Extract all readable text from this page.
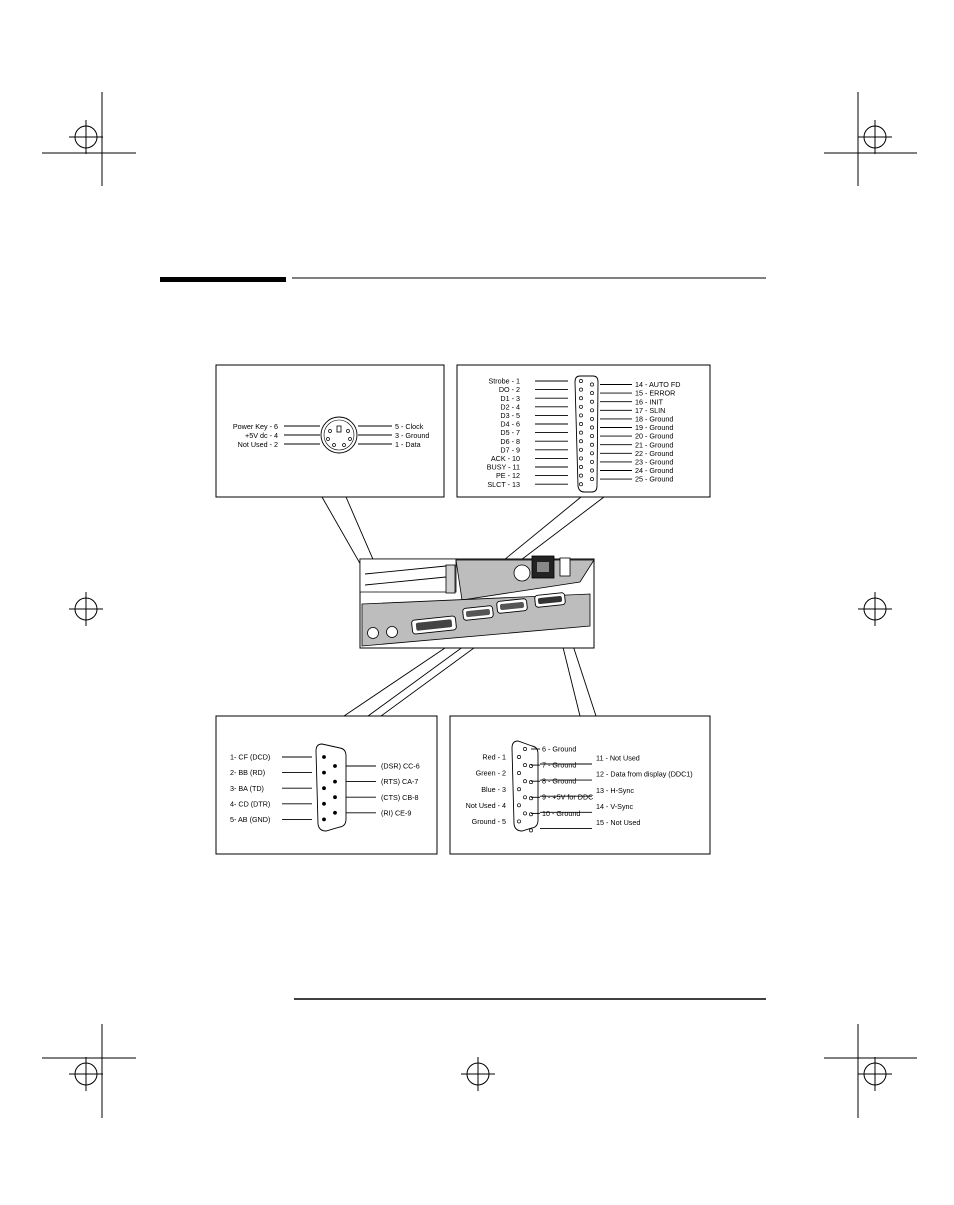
Power Key - 6
+5V dc - 4
Not Used - 2
5 - Clock
3 - Ground
1 - Data
Strobe - 1
DO - 2
D1 - 3
D2 - 4
D3 - 5
D4 - 6
D5 - 7
D6 - 8
D7 - 9
ACK - 10
BUSY - 11
PE - 12
SLCT - 13
14 - AUTO FD
15 - ERROR
16 - INIT
17 - SLIN
18 - Ground
19 - Ground
20 - Ground
21 - Ground
22 - Ground
23 - Ground
24 - Ground
25 - Ground
1- CF (DCD)
2- BB (RD)
3- BA (TD)
4- CD (DTR)
5- AB (GND)
(DSR) CC-6
(RTS) CA-7
(CTS) CB-8
(RI) CE-9
Red - 1
Green - 2
Blue - 3
Not Used - 4
Ground - 5
6 - Ground
7 - Ground
8 - Ground
9 - +5V for DDC
10 - Ground
11 - Not Used
12 - Data from display (DDC1)
13 - H-Sync
14 - V-Sync
15 - Not Used
